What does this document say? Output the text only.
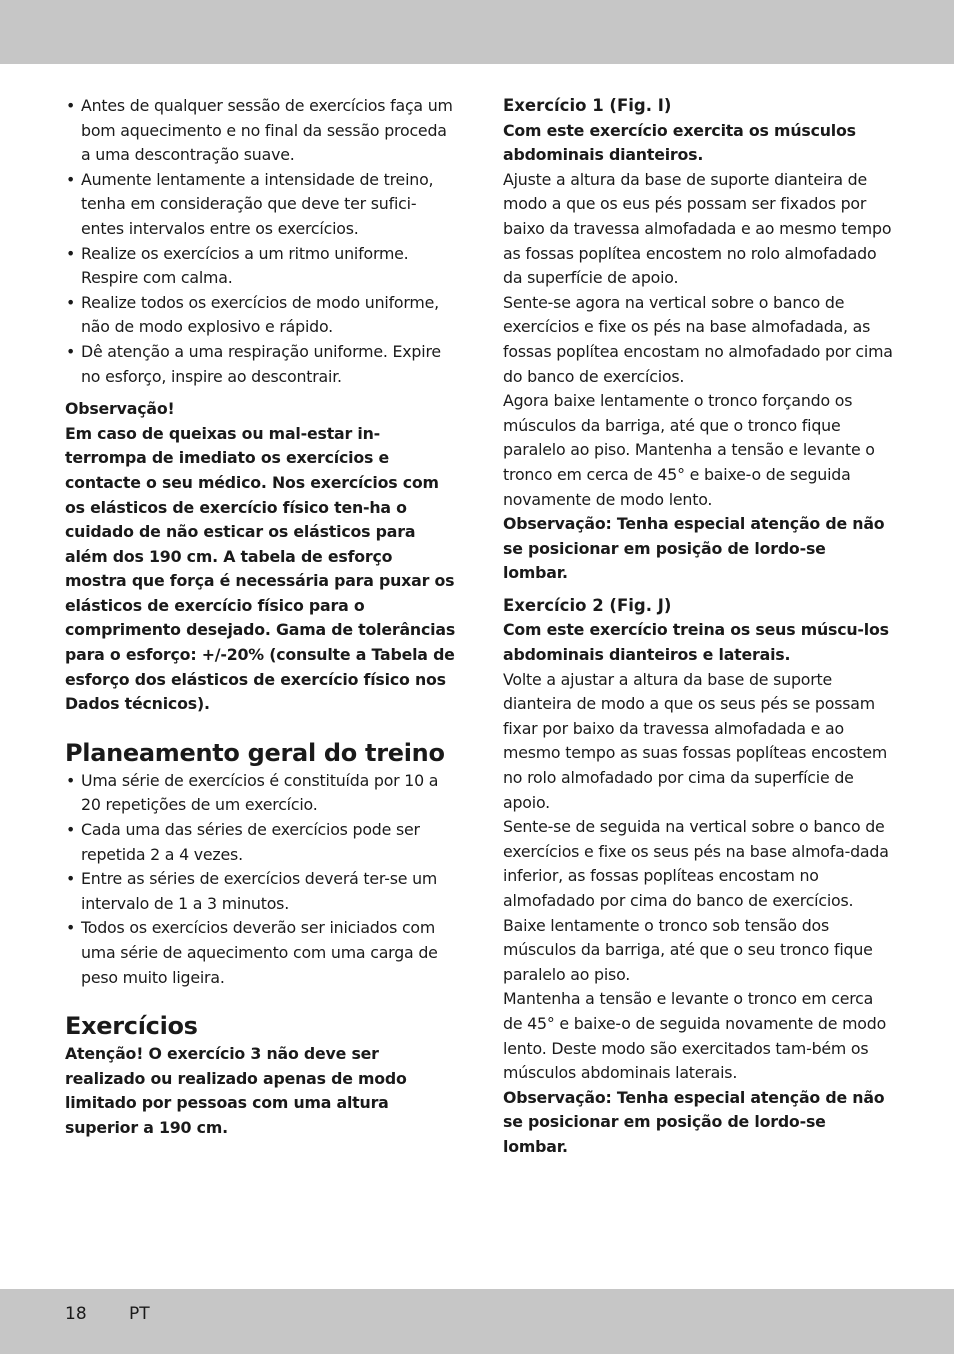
• Antes de qualquer sessão de exercícios faça um bom aquecimento e no final da sessão proceda a uma descontração suave.
• Aumente lentamente a intensidade de treino, tenha em consideração que deve ter sufici-entes intervalos entre os exercícios.
• Realize os exercícios a um ritmo uniforme. Respire com calma.
• Realize todos os exercícios de modo uniforme, não de modo explosivo e rápido.
• Dê atenção a uma respiração uniforme. Expire no esforço, inspire ao descontrair.

Observação!

Em caso de queixas ou mal-estar in-terrompa de imediato os exercícios e contacte o seu médico. Nos exercícios com os elásticos de exercício físico ten-ha o cuidado de não esticar os elásticos para além dos 190 cm. A tabela de esforço mostra que força é necessária para puxar os elásticos de exercício físico para o comprimento desejado. Gama de tolerâncias para o esforço: +/-20% (consulte a Tabela de esforço dos elásticos de exercício físico nos Dados técnicos).

Planeamento geral do treino
• Uma série de exercícios é constituída por 10 a 20 repetições de um exercício.
• Cada uma das séries de exercícios pode ser repetida 2 a 4 vezes.
• Entre as séries de exercícios deverá ter-se um intervalo de 1 a 3 minutos.
• Todos os exercícios deverão ser iniciados com uma série de aquecimento com uma carga de peso muito ligeira.
Exercícios

Atenção! O exercício 3 não deve ser realizado ou realizado apenas de modo limitado por pessoas com uma altura superior a 190 cm.

Exercício 1 (Fig. I)

Com este exercício exercita os músculos abdominais dianteiros.

Ajuste a altura da base de suporte dianteira de modo a que os eus pés possam ser fixados por baixo da travessa almofadada e ao mesmo tempo as fossas poplítea encostem no rolo almofadado da superfície de apoio.

Sente-se agora na vertical sobre o banco de exercícios e fixe os pés na base almofadada, as fossas poplítea encostam no almofadado por cima do banco de exercícios.

Agora baixe lentamente o tronco forçando os músculos da barriga, até que o tronco fique paralelo ao piso. Mantenha a tensão e levante o tronco em cerca de 45° e baixe-o de seguida novamente de modo lento.

Observação: Tenha especial atenção de não se posicionar em posição de lordo-se lombar.

Exercício 2 (Fig. J)

Com este exercício treina os seus múscu-los abdominais dianteiros e laterais.

Volte a ajustar a altura da base de suporte dianteira de modo a que os seus pés se possam fixar por baixo da travessa almofadada e ao mesmo tempo as suas fossas poplíteas encostem no rolo almofadado por cima da superfície de apoio.

Sente-se de seguida na vertical sobre o banco de exercícios e fixe os seus pés na base almofa-dada inferior, as fossas poplíteas encostam no almofadado por cima do banco de exercícios.

Baixe lentamente o tronco sob tensão dos músculos da barriga, até que o seu tronco fique paralelo ao piso.

Mantenha a tensão e levante o tronco em cerca de 45° e baixe-o de seguida novamente de modo lento. Deste modo são exercitados tam-bém os músculos abdominais laterais.

Observação: Tenha especial atenção de não se posicionar em posição de lordo-se lombar.

18 PT
